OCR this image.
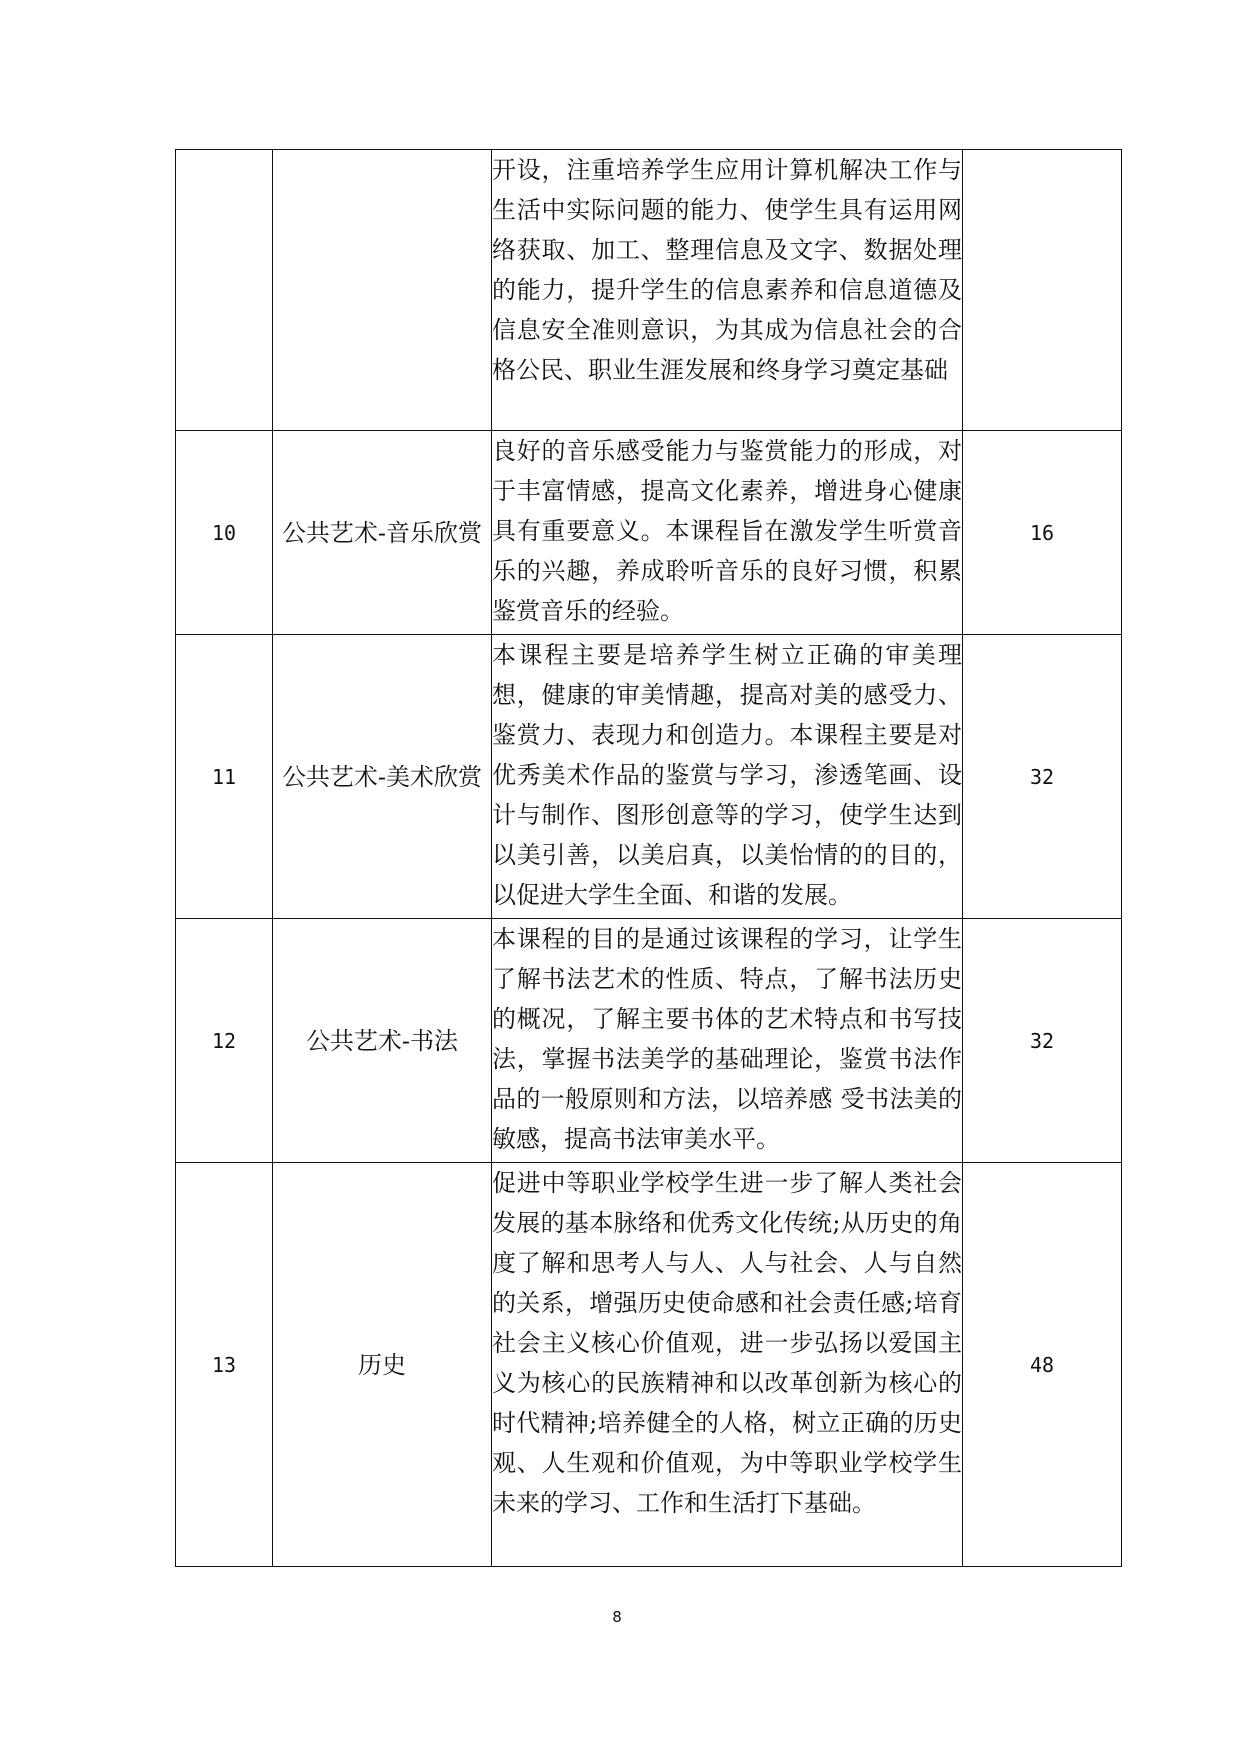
		开设，注重培养学生应用计算机解决工作与生活中实际问题的能力、使学生具有运用网络获取、加工、整理信息及文字、数据处理的能力，提升学生的信息素养和信息道德及信息安全准则意识，为其成为信息社会的合格公民、职业生涯发展和终身学习奠定基础	
10	公共艺术-音乐欣赏	良好的音乐感受能力与鉴赏能力的形成，对于丰富情感，提高文化素养，增进身心健康具有重要意义。本课程旨在激发学生听赏音乐的兴趣，养成聆听音乐的良好习惯，积累鉴赏音乐的经验。	16
11	公共艺术-美术欣赏	本课程主要是培养学生树立正确的审美理想，健康的审美情趣，提高对美的感受力、鉴赏力、表现力和创造力。本课程主要是对优秀美术作品的鉴赏与学习，渗透笔画、设计与制作、图形创意等的学习，使学生达到以美引善，以美启真，以美怡情的的目的，以促进大学生全面、和谐的发展。	32
12	公共艺术-书法	本课程的目的是通过该课程的学习，让学生了解书法艺术的性质、特点，了解书法历史的概况，了解主要书体的艺术特点和书写技法，掌握书法美学的基础理论，鉴赏书法作品的一般原则和方法，以培养感 受书法美的敏感，提高书法审美水平。	32
13	历史	促进中等职业学校学生进一步了解人类社会发展的基本脉络和优秀文化传统;从历史的角度了解和思考人与人、人与社会、人与自然的关系，增强历史使命感和社会责任感;培育社会主义核心价值观，进一步弘扬以爱国主义为核心的民族精神和以改革创新为核心的时代精神;培养健全的人格，树立正确的历史观、人生观和价值观，为中等职业学校学生未来的学习、工作和生活打下基础。	48
8
